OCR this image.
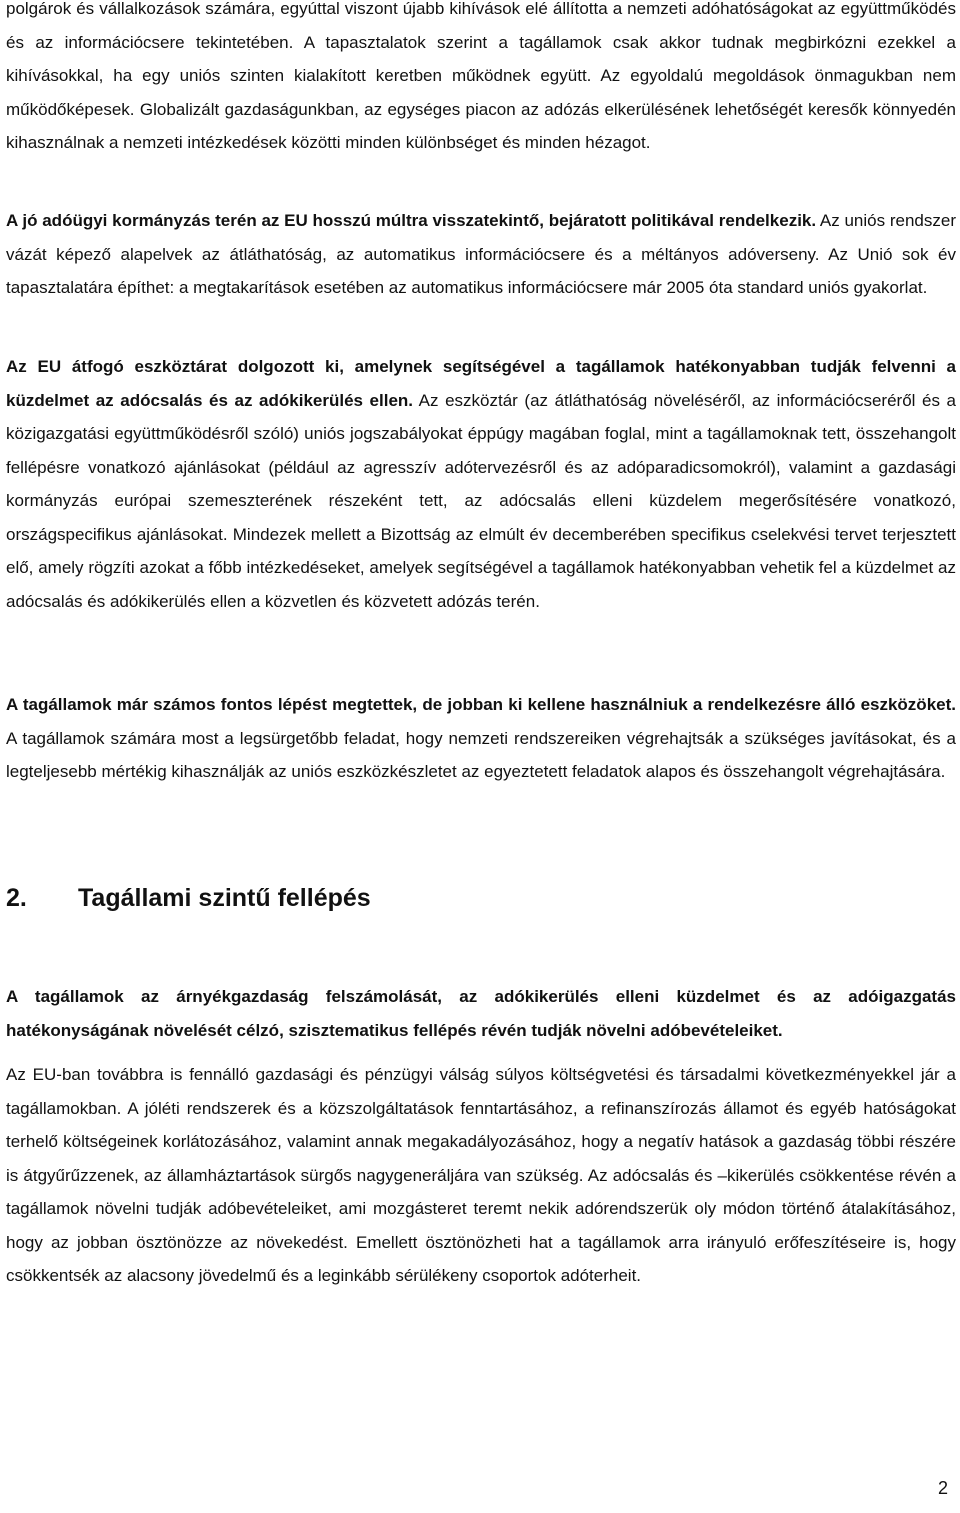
polgárok és vállalkozások számára, egyúttal viszont újabb kihívások elé állította a nemzeti adóhatóságokat az együttműködés és az információcsere tekintetében. A tapasztalatok szerint a tagállamok csak akkor tudnak megbirkózni ezekkel a kihívásokkal, ha egy uniós szinten kialakított keretben működnek együtt. Az egyoldalú megoldások önmagukban nem működőképesek. Globalizált gazdaságunkban, az egységes piacon az adózás elkerülésének lehetőségét keresők könnyedén kihasználnak a nemzeti intézkedések közötti minden különbséget és minden hézagot.

A jó adóügyi kormányzás terén az EU hosszú múltra visszatekintő, bejáratott politikával rendelkezik. Az uniós rendszer vázát képező alapelvek az átláthatóság, az automatikus információcsere és a méltányos adóverseny. Az Unió sok év tapasztalatára építhet: a megtakarítások esetében az automatikus információcsere már 2005 óta standard uniós gyakorlat.

Az EU átfogó eszköztárat dolgozott ki, amelynek segítségével a tagállamok hatékonyabban tudják felvenni a küzdelmet az adócsalás és az adókikerülés ellen. Az eszköztár (az átláthatóság növeléséről, az információcseréről és a közigazgatási együttműködésről szóló) uniós jogszabályokat éppúgy magában foglal, mint a tagállamoknak tett, összehangolt fellépésre vonatkozó ajánlásokat (például az agresszív adótervezésről és az adóparadicsomokról), valamint a gazdasági kormányzás európai szemeszterének részeként tett, az adócsalás elleni küzdelem megerősítésére vonatkozó, országspecifikus ajánlásokat. Mindezek mellett a Bizottság az elmúlt év decemberében specifikus cselekvési tervet terjesztett elő, amely rögzíti azokat a főbb intézkedéseket, amelyek segítségével a tagállamok hatékonyabban vehetik fel a küzdelmet az adócsalás és adókikerülés ellen a közvetlen és közvetett adózás terén.

A tagállamok már számos fontos lépést megtettek, de jobban ki kellene használniuk a rendelkezésre álló eszközöket. A tagállamok számára most a legsürgetőbb feladat, hogy nemzeti rendszereiken végrehajtsák a szükséges javításokat, és a legteljesebb mértékig kihasználják az uniós eszközkészletet az egyeztetett feladatok alapos és összehangolt végrehajtására.

2.	Tagállami szintű fellépés

A tagállamok az árnyékgazdaság felszámolását, az adókikerülés elleni küzdelmet és az adóigazgatás hatékonyságának növelését célzó, szisztematikus fellépés révén tudják növelni adóbevételeiket.

Az EU-ban továbbra is fennálló gazdasági és pénzügyi válság súlyos költségvetési és társadalmi következményekkel jár a tagállamokban. A jóléti rendszerek és a közszolgáltatások fenntartásához, a refinanszírozás államot és egyéb hatóságokat terhelő költségeinek korlátozásához, valamint annak megakadályozásához, hogy a negatív hatások a gazdaság többi részére is átgyűrűzzenek, az államháztartások sürgős nagygeneráljára van szükség. Az adócsalás és –kikerülés csökkentése révén a tagállamok növelni tudják adóbevételeiket, ami mozgásteret teremt nekik adórendszerük oly módon történő átalakításához, hogy az jobban ösztönözze az növekedést. Emellett ösztönözheti hat a tagállamok arra irányuló erőfeszítéseire is, hogy csökkentsék az alacsony jövedelmű és a leginkább sérülékeny csoportok adóterheit.

2
